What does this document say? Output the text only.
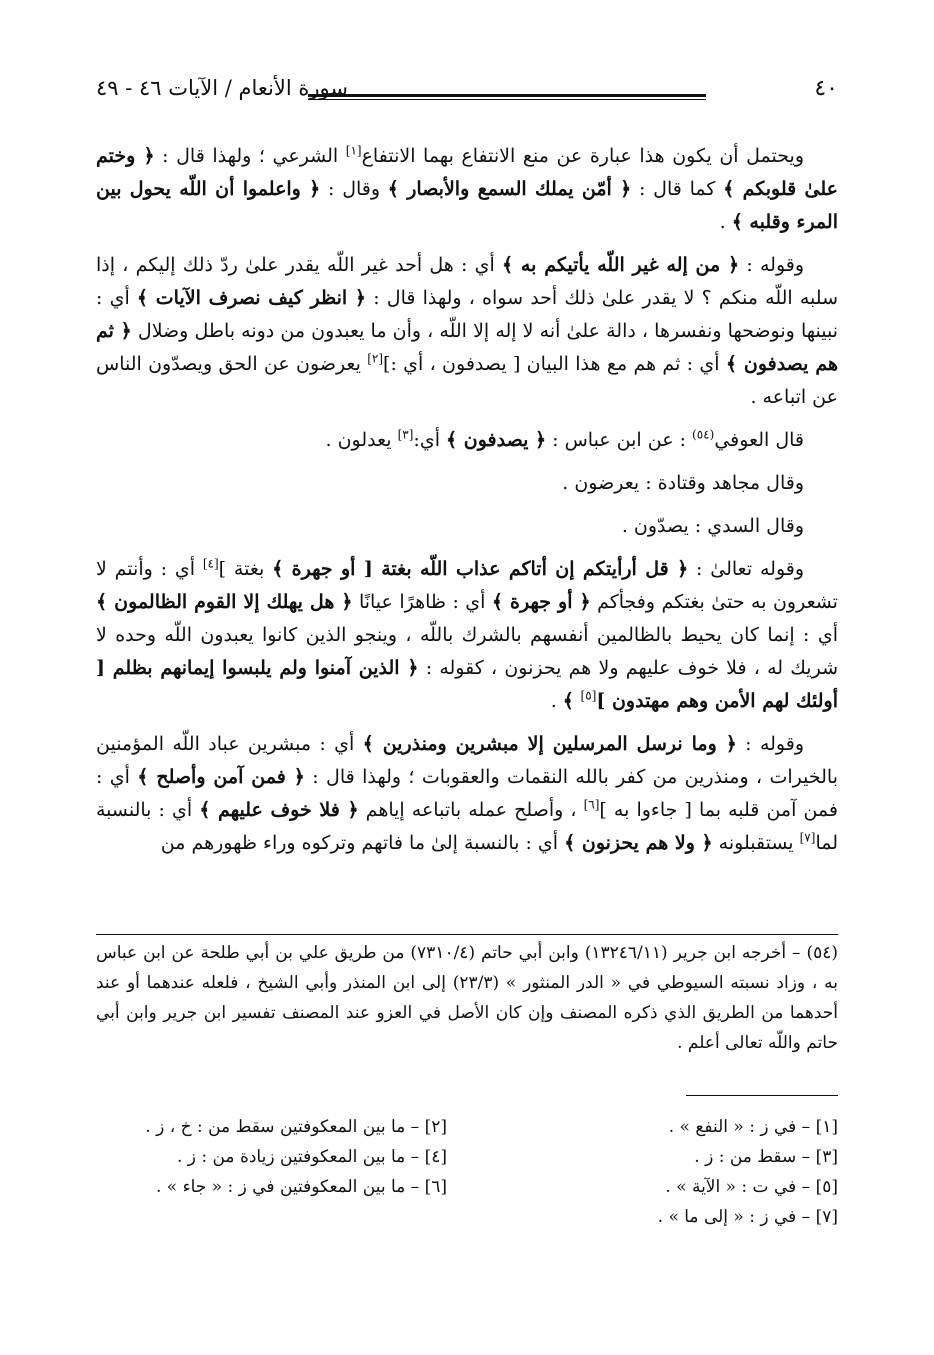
٤٠
سورة الأنعام / الآيات ٤٦ - ٤٩

ويحتمل أن يكون هذا عبارة عن منع الانتفاع بهما الانتفاع[١] الشرعي ؛ ولهذا قال : ﴿ وختم علىٰ قلوبكم ﴾ كما قال : ﴿ أمّن يملك السمع والأبصار ﴾ وقال : ﴿ واعلموا أن اللّه يحول بين المرء وقلبه ﴾ .

وقوله : ﴿ من إله غير اللّه يأتيكم به ﴾ أي : هل أحد غير اللّه يقدر علىٰ ردّ ذلك إليكم ، إذا سلبه اللّه منكم ؟ لا يقدر علىٰ ذلك أحد سواه ، ولهذا قال : ﴿ انظر كيف نصرف الآيات ﴾ أي : نبينها ونوضحها ونفسرها ، دالة علىٰ أنه لا إله إلا اللّه ، وأن ما يعبدون من دونه باطل وضلال ﴿ ثم هم يصدفون ﴾ أي : ثم هم مع هذا البيان [ يصدفون ، أي :][٢] يعرضون عن الحق ويصدّون الناس عن اتباعه .

قال العوفي$^{(٥٤)}$ : عن ابن عباس : ﴿ يصدفون ﴾ أي:[٣] يعدلون .

وقال مجاهد وقتادة : يعرضون .

وقال السدي : يصدّون .

وقوله تعالىٰ : ﴿ قل أرأيتكم إن أتاكم عذاب اللّه بغتة [ أو جهرة ﴾ بغتة ][٤] أي : وأنتم لا تشعرون به حتىٰ بغتكم وفجأكم ﴿ أو جهرة ﴾ أي : ظاهرًا عيانًا ﴿ هل يهلك إلا القوم الظالمون ﴾ أي : إنما كان يحيط بالظالمين أنفسهم بالشرك باللّه ، وينجو الذين كانوا يعبدون اللّه وحده لا شريك له ، فلا خوف عليهم ولا هم يحزنون ، كقوله : ﴿ الذين آمنوا ولم يلبسوا إيمانهم بظلم [ أولئك لهم الأمن وهم مهتدون ][٥] ﴾ .

وقوله : ﴿ وما نرسل المرسلين إلا مبشرين ومنذرين ﴾ أي : مبشرين عباد اللّه المؤمنين بالخيرات ، ومنذرين من كفر بالله النقمات والعقوبات ؛ ولهذا قال : ﴿ فمن آمن وأصلح ﴾ أي : فمن آمن قلبه بما [ جاءوا به ][٦] ، وأصلح عمله باتباعه إياهم ﴿ فلا خوف عليهم ﴾ أي : بالنسبة لما[٧] يستقبلونه ﴿ ولا هم يحزنون ﴾ أي : بالنسبة إلىٰ ما فاتهم وتركوه وراء ظهورهم من

(٥٤) – أخرجه ابن جرير (١٣٢٤٦/١١) وابن أبي حاتم (٧٣١٠/٤) من طريق علي بن أبي طلحة عن ابن عباس به ، وزاد نسبته السيوطي في « الدر المنثور » (٢٣/٣) إلى ابن المنذر وأبي الشيخ ، فلعله عندهما أو عند أحدهما من الطريق الذي ذكره المصنف وإن كان الأصل في العزو عند المصنف تفسير ابن جرير وابن أبي حاتم واللّه تعالى أعلم .
[١] – في ز : « النفع » .
[٢] – ما بين المعكوفتين سقط من : خ ، ز .
[٣] – سقط من : ز .
[٤] – ما بين المعكوفتين زيادة من : ز .
[٥] – في ت : « الآية » .
[٦] – ما بين المعكوفتين في ز : « جاء » .
[٧] – في ز : « إلى ما » .
